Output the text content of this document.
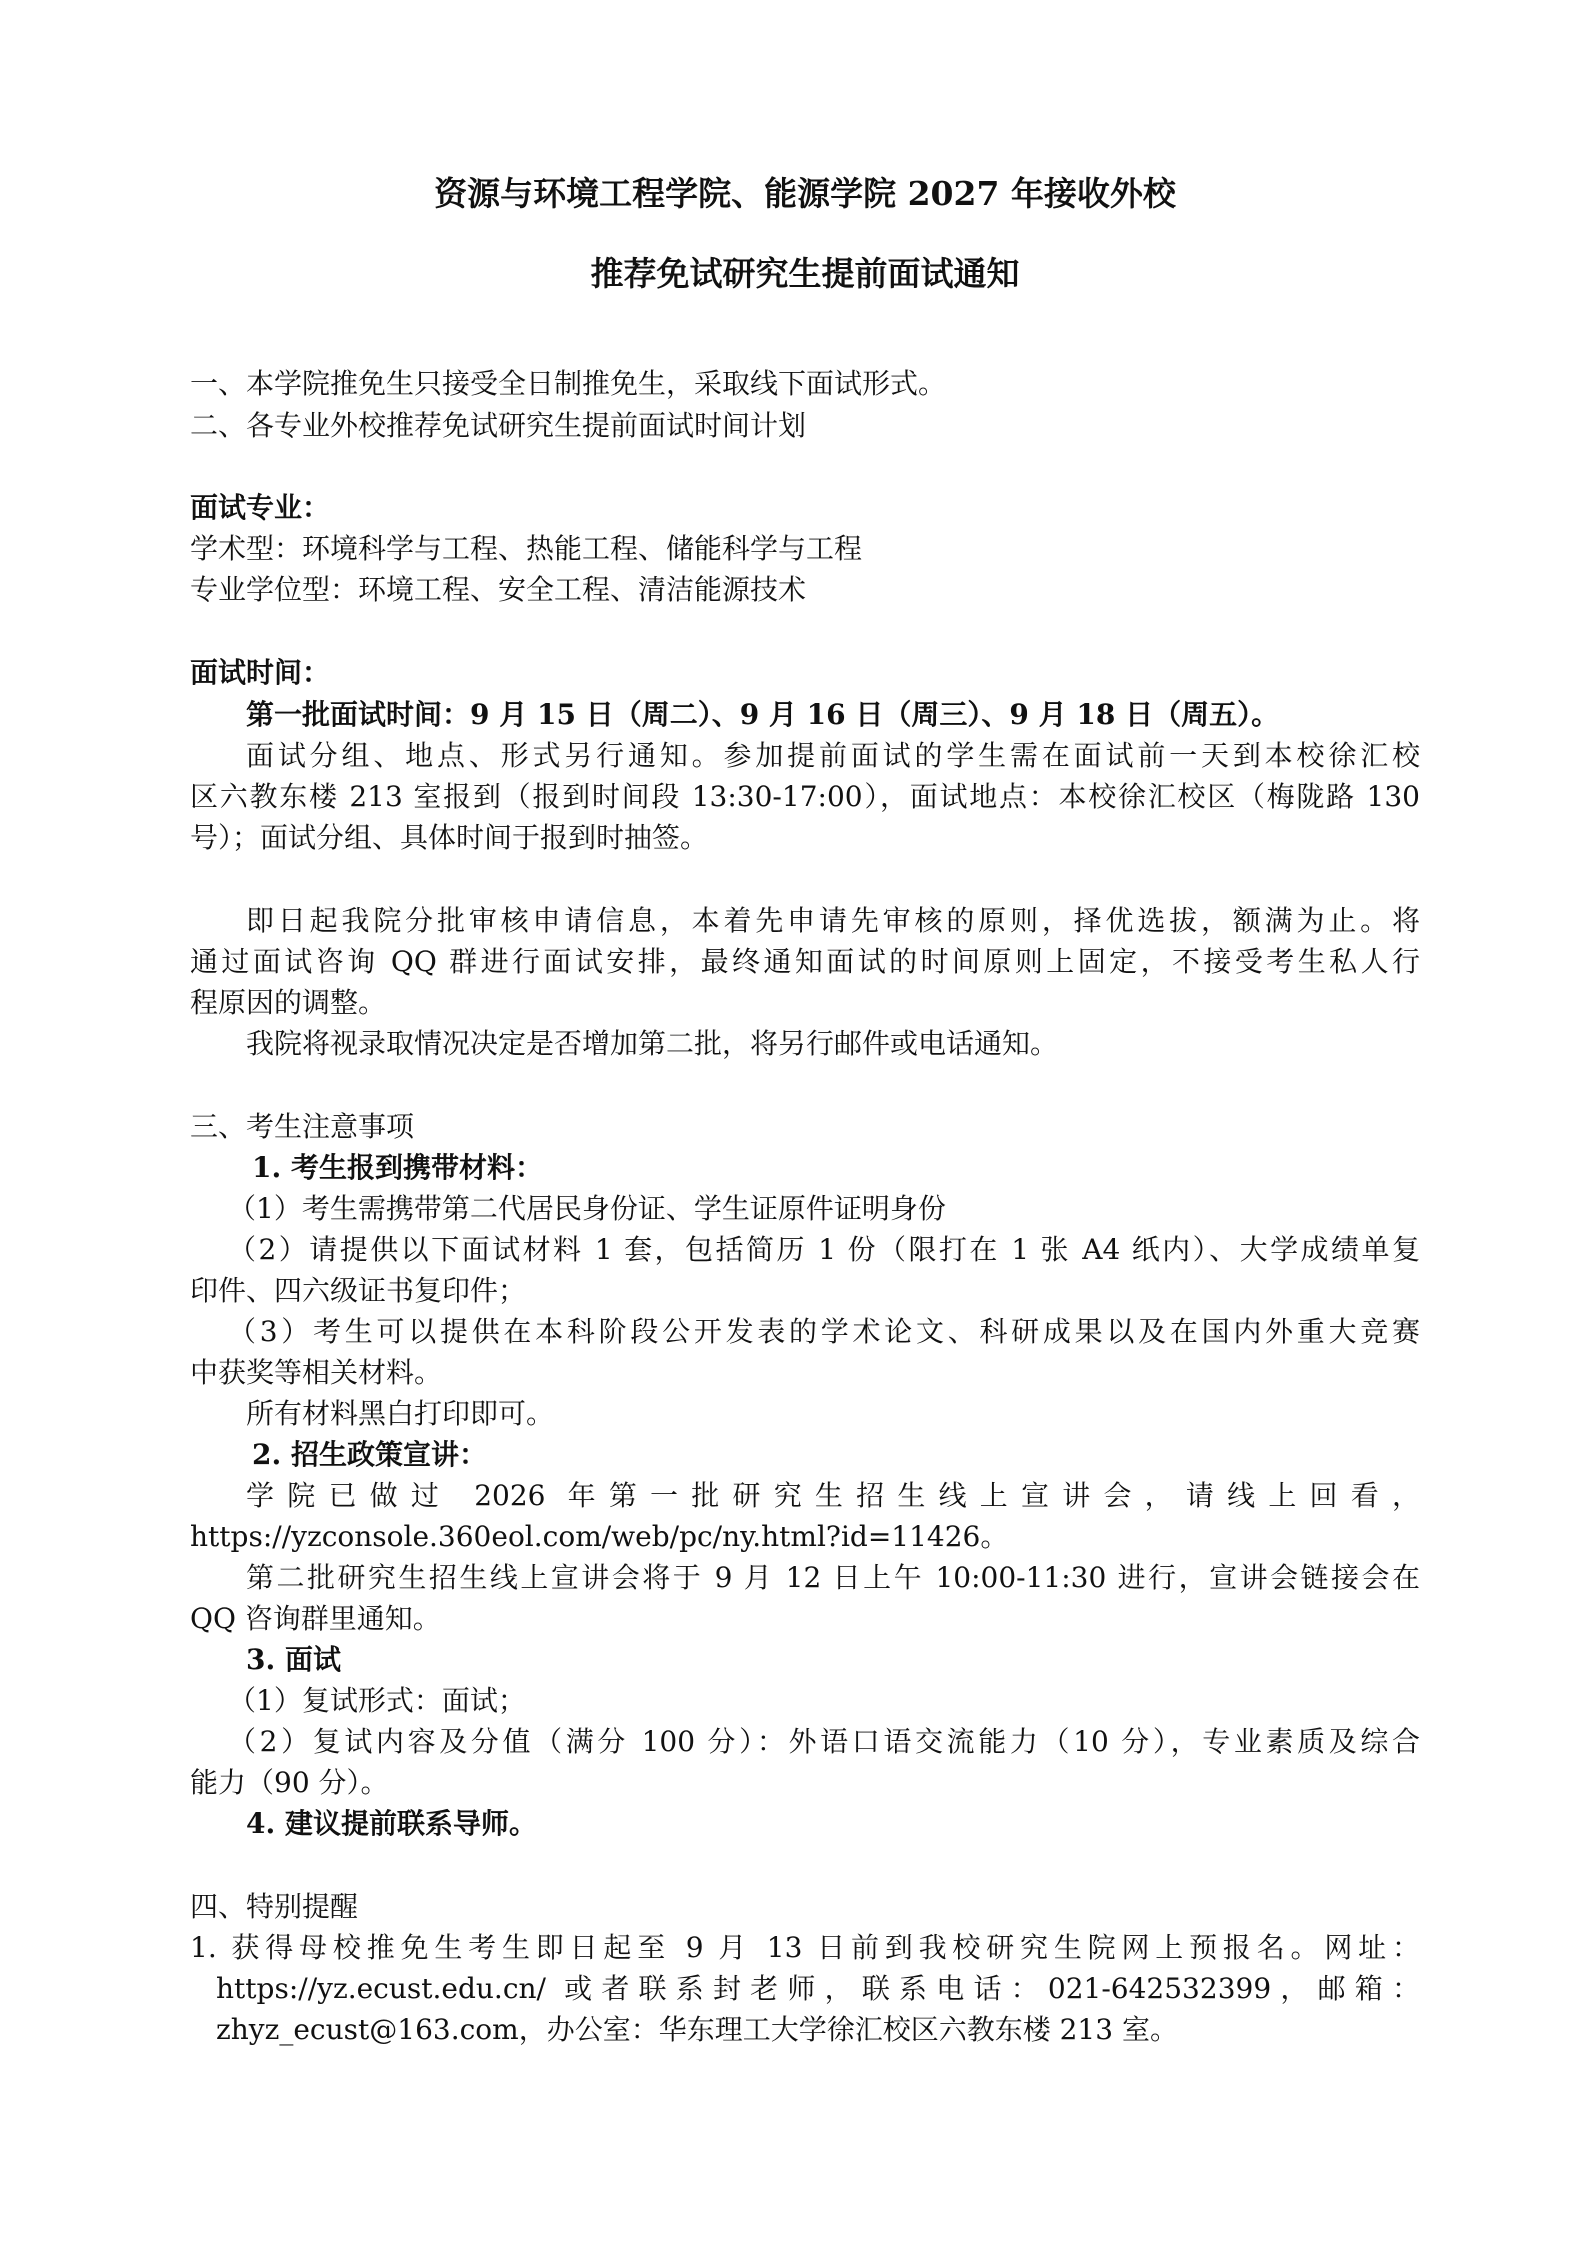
资源与环境工程学院、能源学院 2027 年接收外校
推荐免试研究生提前面试通知
一、本学院推免生只接受全日制推免生，采取线下面试形式。
二、各专业外校推荐免试研究生提前面试时间计划
面试专业：
学术型：环境科学与工程、热能工程、储能科学与工程
专业学位型：环境工程、安全工程、清洁能源技术
面试时间：
第一批面试时间：9 月 15 日（周二）、9 月 16 日（周三）、9 月 18 日（周五）。
面试分组、地点、形式另行通知。参加提前面试的学生需在面试前一天到本校徐汇校
区六教东楼 213 室报到（报到时间段 13:30-17:00），面试地点：本校徐汇校区（梅陇路 130
号）；面试分组、具体时间于报到时抽签。
即日起我院分批审核申请信息，本着先申请先审核的原则，择优选拔，额满为止。将
通过面试咨询 QQ 群进行面试安排，最终通知面试的时间原则上固定，不接受考生私人行
程原因的调整。
我院将视录取情况决定是否增加第二批，将另行邮件或电话通知。
三、考生注意事项
1. 考生报到携带材料：
（1）考生需携带第二代居民身份证、学生证原件证明身份
（2）请提供以下面试材料 1 套，包括简历 1 份（限打在 1 张 A4 纸内）、大学成绩单复
印件、四六级证书复印件；
（3）考生可以提供在本科阶段公开发表的学术论文、科研成果以及在国内外重大竞赛
中获奖等相关材料。
所有材料黑白打印即可。
2. 招生政策宣讲：
学院已做过 2026 年第一批研究生招生线上宣讲会，请线上回看，
https://yzconsole.360eol.com/web/pc/ny.html?id=11426。
第二批研究生招生线上宣讲会将于 9 月 12 日上午 10:00-11:30 进行，宣讲会链接会在
QQ 咨询群里通知。
3. 面试
（1）复试形式：面试；
（2）复试内容及分值（满分 100 分）：外语口语交流能力（10 分），专业素质及综合
能力（90 分）。
4. 建议提前联系导师。
四、特别提醒
1. 获得母校推免生考生即日起至 9 月 13 日前到我校研究生院网上预报名。网址：
https://yz.ecust.edu.cn/ 或者联系封老师，联系电话：021-642532399，邮箱：
zhyz_ecust@163.com，办公室：华东理工大学徐汇校区六教东楼 213 室。
